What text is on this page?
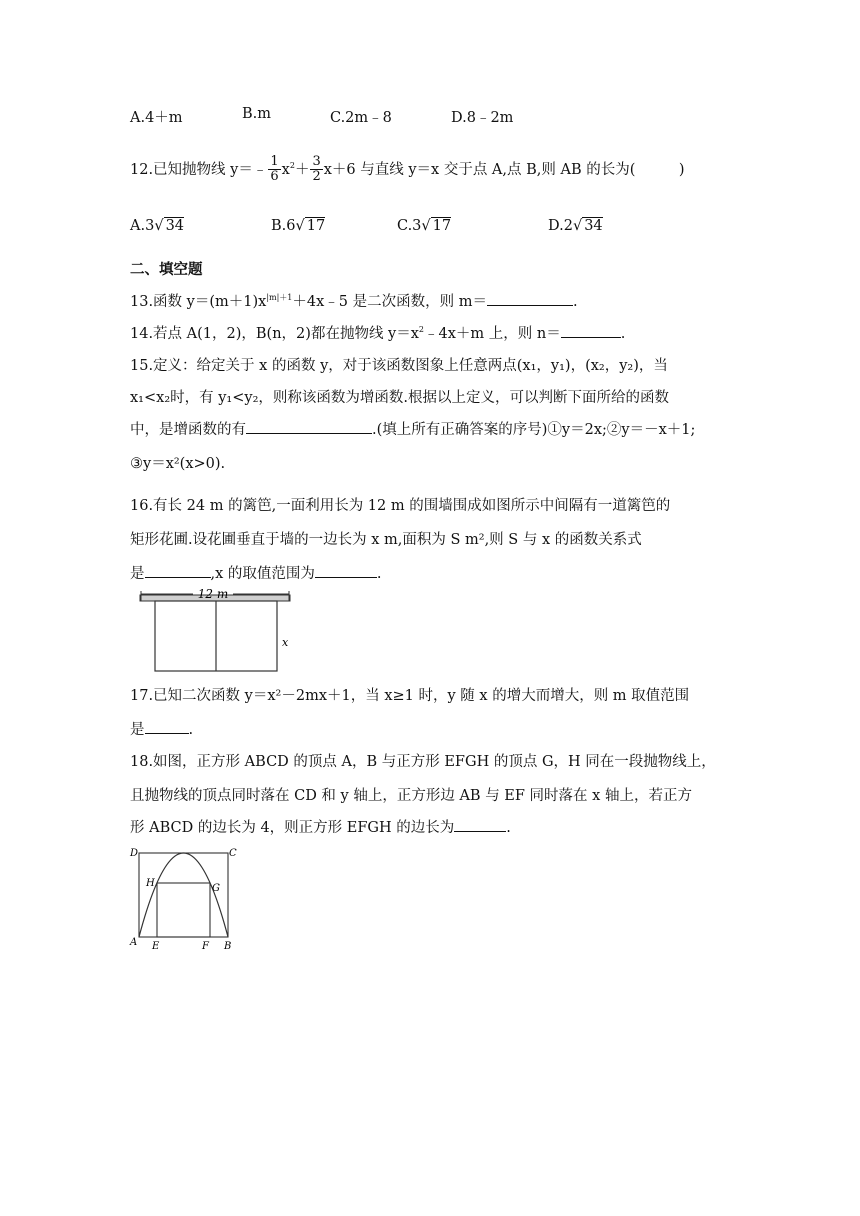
A.4＋m	B.m	C.2m﹣8	D.8﹣2m
12.已知抛物线 y＝﹣ $\frac{1}{6} x^2+ \frac{3}{2} x+6$ 与直线 y＝x 交于点 A,点 B,则 AB 的长为(　　　)
A.3√ 34	B.6√ 17	C.3√ 17	D.2√ 34
二、填空题
13.函数 $y=(m+1)x^{|m|+1}+4x﹣5$ 是二次函数，则 m＝	.
14.若点 A(1，2)，B(n，2)都在抛物线 $y=x^2﹣4x+m$ 上，则 n＝	.
15.定义：给定关于 x 的函数 y，对于该函数图象上任意两点(x₁，y₁)，(x₂，y₂)，当
x₁<x₂时，有 y₁<y₂，则称该函数为增函数.根据以上定义，可以判断下面所给的函数
中，是增函数的有	.(填上所有正确答案的序号)①y＝2x;②y＝－x＋1;
③y＝x²(x>0).
16.有长 24 m 的篱笆,一面利用长为 12 m 的围墙围成如图所示中间隔有一道篱笆的
矩形花圃.设花圃垂直于墙的一边长为 x m,面积为 S m²,则 S 与 x 的函数关系式
是	,x 的取值范围为	.
12 m
x
17.已知二次函数 y＝x²－2mx＋1，当 x≥1 时，y 随 x 的增大而增大，则 m 取值范围
是	.
18.如图，正方形 ABCD 的顶点 A，B 与正方形 EFGH 的顶点 G，H 同在一段抛物线上，
且抛物线的顶点同时落在 CD 和 y 轴上，正方形边 AB 与 EF 同时落在 x 轴上，若正方
形 ABCD 的边长为 4，则正方形 EFGH 的边长为	.
D	C
H	G
A E	F B
